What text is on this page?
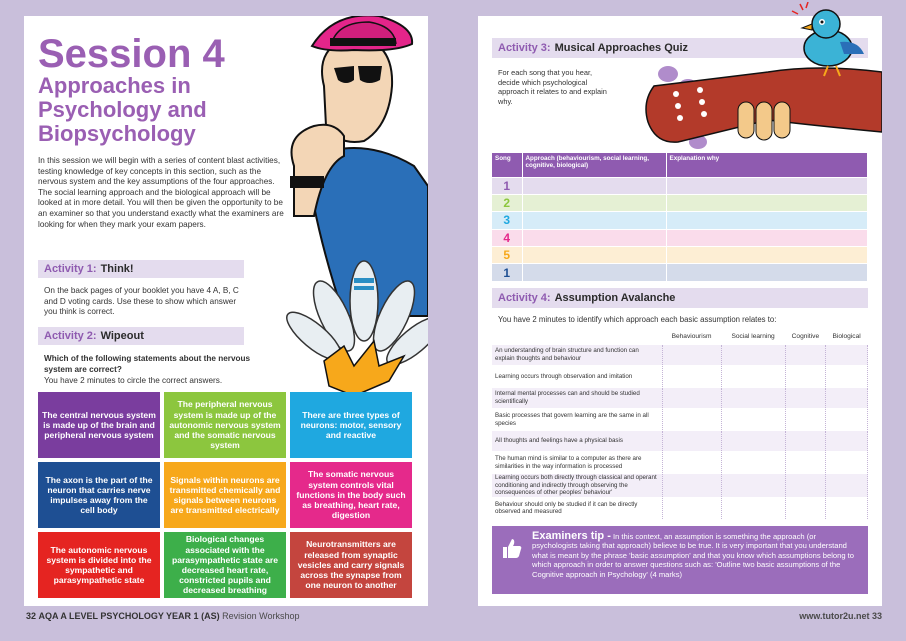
Session 4
Approaches in Psychology and Biopsychology
In this session we will begin with a series of content blast activities, testing knowledge of key concepts in this section, such as the nervous system and the key assumptions of the four approaches. The social learning approach and the biological approach will be looked at in more detail. You will then be given the opportunity to be an examiner so that you understand exactly what the examiners are looking for when they mark your exam papers.
Activity 1: Think!
On the back pages of your booklet you have 4 A, B, C and D voting cards. Use these to show which answer you think is correct.
Activity 2: Wipeout
Which of the following statements about the nervous system are correct?
You have 2 minutes to circle the correct answers.
The central nervous system is made up of the brain and peripheral nervous system
The peripheral nervous system is made up of the autonomic nervous system and the somatic nervous system
There are three types of neurons: motor, sensory and reactive
The axon is the part of the neuron that carries nerve impulses away from the cell body
Signals within neurons are transmitted chemically and signals between neurons are transmitted electrically
The somatic nervous system controls vital functions in the body such as breathing, heart rate, digestion
The autonomic nervous system is divided into the sympathetic and parasympathetic state
Biological changes associated with the parasympathetic state are decreased heart rate, constricted pupils and decreased breathing
Neurotransmitters are released from synaptic vesicles and carry signals across the synapse from one neuron to another
Activity 3: Musical Approaches Quiz
For each song that you hear, decide which psychological approach it relates to and explain why.
Song	Approach (behaviourism, social learning, cognitive, biological)	Explanation why
1		
2		
3		
4		
5		
1		
Activity 4: Assumption Avalanche
You have 2 minutes to identify which approach each basic assumption relates to:
	Behaviourism	Social learning	Cognitive	Biological
An understanding of brain structure and function can explain thoughts and behaviour				
Learning occurs through observation and imitation				
Internal mental processes can and should be studied scientifically				
Basic processes that govern learning are the same in all species				
All thoughts and feelings have a physical basis				
The human mind is similar to a computer as there are similarities in the way information is processed				
Learning occurs both directly through classical and operant conditioning and indirectly through observing the consequences of other peoples' behaviour'				
Behaviour should only be studied if it can be directly observed and measured				
Examiners tip - In this context, an assumption is something the approach (or psychologists taking that approach) believe to be true. It is very important that you understand what is meant by the phrase 'basic assumption' and that you know which assumptions belong to which approach in order to answer questions such as: 'Outline two basic assumptions of the Cognitive approach in Psychology' (4 marks)
32 AQA A LEVEL PSYCHOLOGY YEAR 1 (AS) Revision Workshop	www.tutor2u.net 33
